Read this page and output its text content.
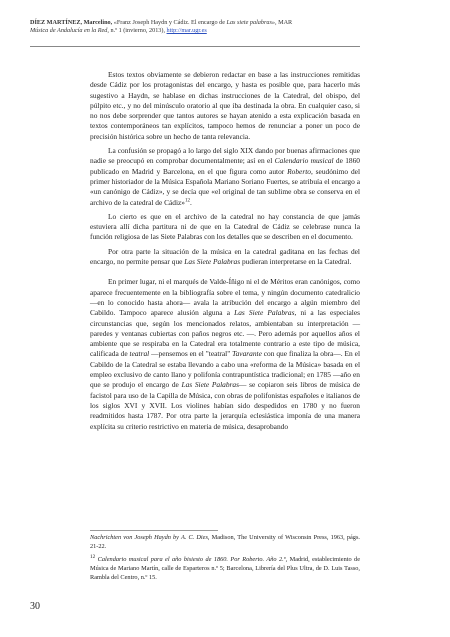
DÍEZ MARTÍNEZ, Marcelino, «Franz Joseph Haydn y Cádiz. El encargo de Las siete palabras», MAR
Música de Andalucía en la Red, n.º 1 (invierno, 2013), http://mar.ugr.es

Estos textos obviamente se debieron redactar en base a las instrucciones remitidas desde Cádiz por los protagonistas del encargo, y hasta es posible que, para hacerlo más sugestivo a Haydn, se hablase en dichas instrucciones de la Catedral, del obispo, del púlpito etc., y no del minúsculo oratorio al que iba destinada la obra. En cualquier caso, si no nos debe sorprender que tantos autores se hayan atenido a esta explicación basada en textos contemporáneos tan explícitos, tampoco hemos de renunciar a poner un poco de precisión histórica sobre un hecho de tanta relevancia.

La confusión se propagó a lo largo del siglo XIX dando por buenas afirmaciones que nadie se preocupó en comprobar documentalmente; así en el Calendario musical de 1860 publicado en Madrid y Barcelona, en el que figura como autor Roberto, seudónimo del primer historiador de la Música Española Mariano Soriano Fuertes, se atribuía el encargo a «un canónigo de Cádiz», y se decía que «el original de tan sublime obra se conserva en el archivo de la catedral de Cádiz»$^{12}$.

Lo cierto es que en el archivo de la catedral no hay constancia de que jamás estuviera allí dicha partitura ni de que en la Catedral de Cádiz se celebrase nunca la función religiosa de las Siete Palabras con los detalles que se describen en el documento.

Por otra parte la situación de la música en la catedral gaditana en las fechas del encargo, no permite pensar que Las Siete Palabras pudieran interpretarse en la Catedral.

En primer lugar, ni el marqués de Valde-Íñigo ni el de Méritos eran canónigos, como aparece frecuentemente en la bibliografía sobre el tema, y ningún documento catedralicio —en lo conocido hasta ahora— avala la atribución del encargo a algún miembro del Cabildo. Tampoco aparece alusión alguna a Las Siete Palabras, ni a las especiales circunstancias que, según los mencionados relatos, ambientaban su interpretación —paredes y ventanas cubiertas con paños negros etc. —. Pero además por aquellos años el ambiente que se respiraba en la Catedral era totalmente contrario a este tipo de música, calificada de teatral —pensemos en el "teatral" Tavarante con que finaliza la obra—. En el Cabildo de la Catedral se estaba llevando a cabo una «reforma de la Música» basada en el empleo exclusivo de canto llano y polifonía contrapuntística tradicional; en 1785 —año en que se produjo el encargo de Las Siete Palabras— se copiaron seis libros de música de facistol para uso de la Capilla de Música, con obras de polifonistas españoles e italianos de los siglos XVI y XVII. Los violines habían sido despedidos en 1780 y no fueron readmitidos hasta 1787. Por otra parte la jerarquía eclesiástica imponía de una manera explícita su criterio restrictivo en materia de música, desaprobando

Nachrichten von Joseph Haydn by A. C. Dies, Madison, The University of Wisconsin Press, 1963, págs. 21-22.

$^{12}$ Calendario musical para el año bisiesto de 1860. Por Roberto. Año 2.º, Madrid, establecimiento de Música de Mariano Martín, calle de Esparteros n.º 5; Barcelona, Librería del Plus Ultra, de D. Luis Tasso, Rambla del Centro, n.º 15.

30
